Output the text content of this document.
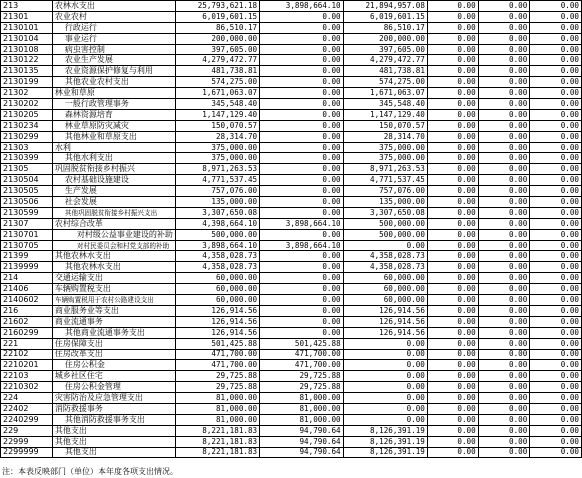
213	农林水支出	25,793,621.18	3,898,664.10	21,894,957.08	0.00	0.00	0.00
21301	农业农村	6,019,601.15	0.00	6,019,601.15	0.00	0.00	0.00
2130101	行政运行	86,510.17	0.00	86,510.17	0.00	0.00	0.00
2130104	事业运行	200,000.00	0.00	200,000.00	0.00	0.00	0.00
2130108	病虫害控制	397,605.00	0.00	397,605.00	0.00	0.00	0.00
2130122	农业生产发展	4,279,472.77	0.00	4,279,472.77	0.00	0.00	0.00
2130135	农业资源保护修复与利用	481,738.81	0.00	481,738.81	0.00	0.00	0.00
2130199	其他农业农村支出	574,275.00	0.00	574,275.00	0.00	0.00	0.00
21302	林业和草原	1,671,063.07	0.00	1,671,063.07	0.00	0.00	0.00
2130202	一般行政管理事务	345,548.40	0.00	345,548.40	0.00	0.00	0.00
2130205	森林资源培育	1,147,129.40	0.00	1,147,129.40	0.00	0.00	0.00
2130234	林业草原防灾减灾	150,070.57	0.00	150,070.57	0.00	0.00	0.00
2130299	其他林业和草原支出	28,314.70	0.00	28,314.70	0.00	0.00	0.00
21303	水利	375,000.00	0.00	375,000.00	0.00	0.00	0.00
2130399	其他水利支出	375,000.00	0.00	375,000.00	0.00	0.00	0.00
21305	巩固脱贫衔接乡村振兴	8,971,263.53	0.00	8,971,263.53	0.00	0.00	0.00
2130504	农村基础设施建设	4,771,537.45	0.00	4,771,537.45	0.00	0.00	0.00
2130505	生产发展	757,076.00	0.00	757,076.00	0.00	0.00	0.00
2130506	社会发展	135,000.00	0.00	135,000.00	0.00	0.00	0.00
2130599	其他巩固脱贫衔接乡村振兴支出	3,307,650.08	0.00	3,307,650.08	0.00	0.00	0.00
21307	农村综合改革	4,398,664.10	3,898,664.10	500,000.00	0.00	0.00	0.00
2130701	对村级公益事业建设的补助	500,000.00	0.00	500,000.00	0.00	0.00	0.00
2130705	对村民委员会和村党支部的补助	3,898,664.10	3,898,664.10	0.00	0.00	0.00	0.00
21399	其他农林水支出	4,358,028.73	0.00	4,358,028.73	0.00	0.00	0.00
2139999	其他农林水支出	4,358,028.73	0.00	4,358,028.73	0.00	0.00	0.00
214	交通运输支出	60,000.00	0.00	60,000.00	0.00	0.00	0.00
21406	车辆购置税支出	60,000.00	0.00	60,000.00	0.00	0.00	0.00
2140602	车辆购置税用于农村公路建设支出	60,000.00	0.00	60,000.00	0.00	0.00	0.00
216	商业服务业等支出	126,914.56	0.00	126,914.56	0.00	0.00	0.00
21602	商业流通事务	126,914.56	0.00	126,914.56	0.00	0.00	0.00
2160299	其他商业流通事务支出	126,914.56	0.00	126,914.56	0.00	0.00	0.00
221	住房保障支出	501,425.88	501,425.88	0.00	0.00	0.00	0.00
22102	住房改革支出	471,700.00	471,700.00	0.00	0.00	0.00	0.00
2210201	住房公积金	471,700.00	471,700.00	0.00	0.00	0.00	0.00
22103	城乡社区住宅	29,725.88	29,725.88	0.00	0.00	0.00	0.00
2210302	住房公积金管理	29,725.88	29,725.88	0.00	0.00	0.00	0.00
224	灾害防治及应急管理支出	81,000.00	81,000.00	0.00	0.00	0.00	0.00
22402	消防救援事务	81,000.00	81,000.00	0.00	0.00	0.00	0.00
2240299	其他消防救援事务支出	81,000.00	81,000.00	0.00	0.00	0.00	0.00
229	其他支出	8,221,181.83	94,790.64	8,126,391.19	0.00	0.00	0.00
22999	其他支出	8,221,181.83	94,790.64	8,126,391.19	0.00	0.00	0.00
2299999	其他支出	8,221,181.83	94,790.64	8,126,391.19	0.00	0.00	0.00
注：本表反映部门（单位）本年度各项支出情况。
